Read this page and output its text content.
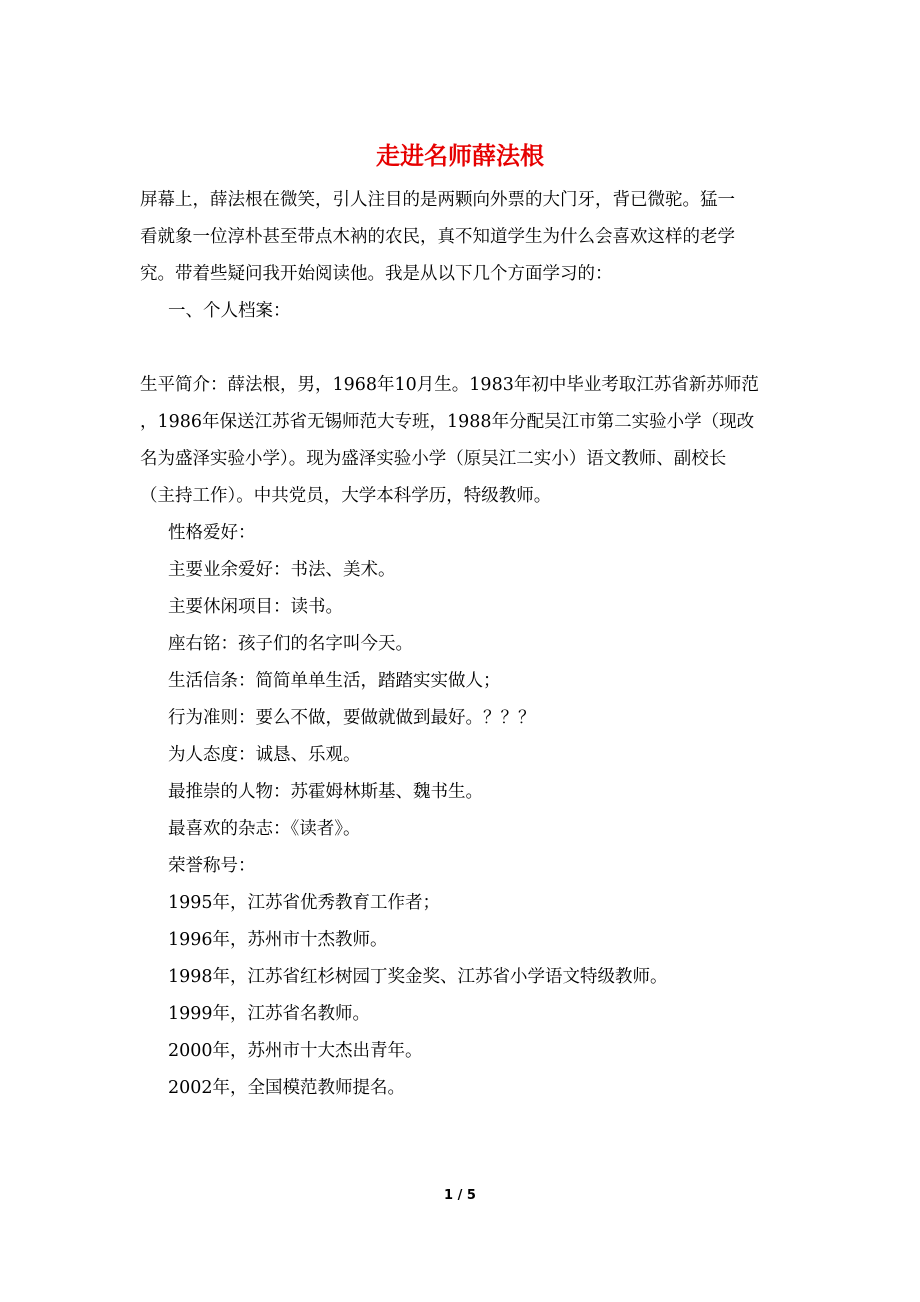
走进名师薛法根
屏幕上，薛法根在微笑，引人注目的是两颗向外票的大门牙，背已微驼。猛一
看就象一位淳朴甚至带点木衲的农民，真不知道学生为什么会喜欢这样的老学
究。带着些疑问我开始阅读他。我是从以下几个方面学习的：
一、个人档案：
生平简介：薛法根，男，1968年10月生。1983年初中毕业考取江苏省新苏师范
，1986年保送江苏省无锡师范大专班，1988年分配吴江市第二实验小学（现改
名为盛泽实验小学）。现为盛泽实验小学（原吴江二实小）语文教师、副校长
（主持工作）。中共党员，大学本科学历，特级教师。
性格爱好：
主要业余爱好：书法、美术。
主要休闲项目：读书。
座右铭：孩子们的名字叫今天。
生活信条：简简单单生活，踏踏实实做人；
行为准则：要么不做，要做就做到最好。？？？
为人态度：诚恳、乐观。
最推崇的人物：苏霍姆林斯基、魏书生。
最喜欢的杂志：《读者》。
荣誉称号：
1995年，江苏省优秀教育工作者；
1996年，苏州市十杰教师。
1998年，江苏省红杉树园丁奖金奖、江苏省小学语文特级教师。
1999年，江苏省名教师。
2000年，苏州市十大杰出青年。
2002年，全国模范教师提名。
1 / 5
